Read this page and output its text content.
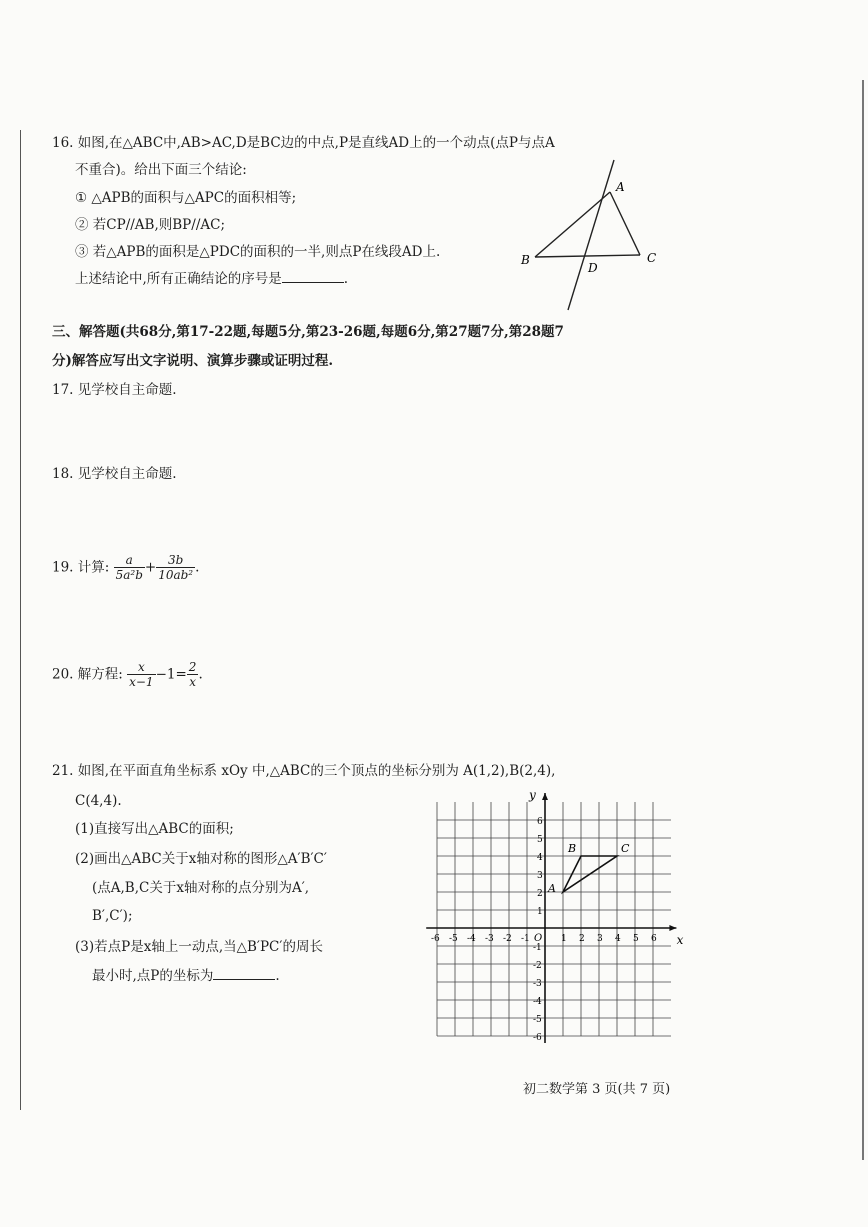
16. 如图,在△ABC中,AB>AC,D是BC边的中点,P是直线AD上的一个动点(点P与点A
不重合)。给出下面三个结论:
① △APB的面积与△APC的面积相等;
② 若CP//AB,则BP//AC;
③ 若△APB的面积是△PDC的面积的一半,则点P在线段AD上.
上述结论中,所有正确结论的序号是	.
A
B	C
D
三、解答题(共68分,第17-22题,每题5分,第23-26题,每题6分,第27题7分,第28题7
分)解答应写出文字说明、演算步骤或证明过程.
17. 见学校自主命题.
18. 见学校自主命题.
19. 计算: $\frac{a}{\text{5a²b}} + \frac{3b}{\text{10ab²}}$ .
20. 解方程: $\frac{x}{x-1} -1= \frac{2}{x}$ .
21. 如图,在平面直角坐标系 xOy 中,△ABC的三个顶点的坐标分别为 A(1,2),B(2,4),
C(4,4).
(1)直接写出△ABC的面积;
(2)画出△ABC关于x轴对称的图形△A′B′C′
(点A,B,C关于x轴对称的点分别为A′,
B′,C′);
(3)若点P是x轴上一动点,当△B′PC′的周长
最小时,点P的坐标为	.
x
y
O
-6 -5 -4 -3 -2 -1	1 2 3 4 5 6
6
5
4
3
2
1
-1
-2
-3
-4
-5
-6
A
B	C
初二数学第 3 页(共 7 页)
